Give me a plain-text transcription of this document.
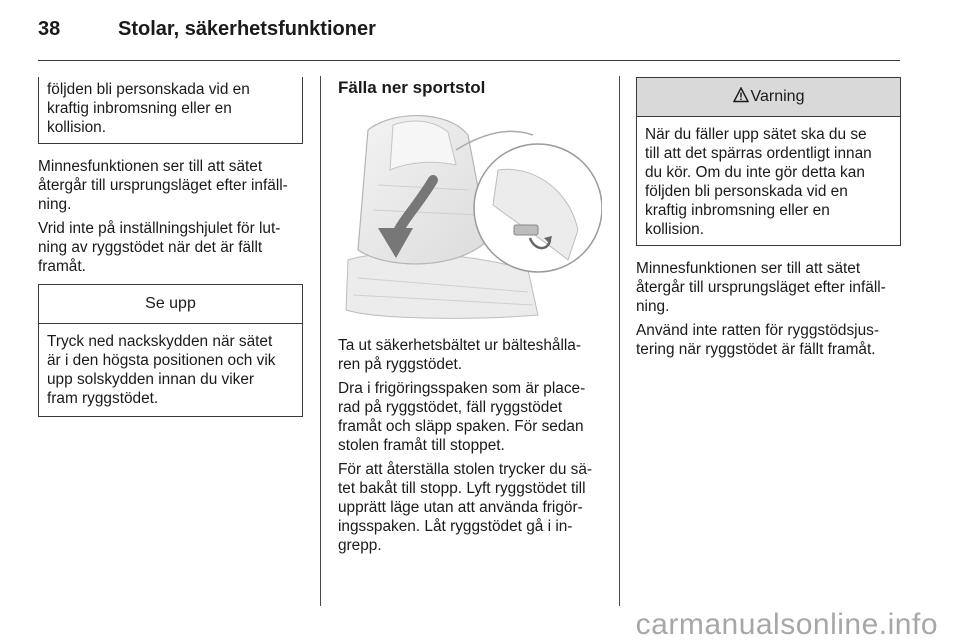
38	Stolar, säkerhetsfunktioner
följden bli personskada vid en
kraftig inbromsning eller en
kollision.

Minnesfunktionen ser till att sätet
återgår till ursprungsläget efter infäll-
ning.

Vrid inte på inställningshjulet för lut-
ning av ryggstödet när det är fällt
framåt.

Se upp
Tryck ned nackskydden när sätet
är i den högsta positionen och vik
upp solskydden innan du viker
fram ryggstödet.
Fälla ner sportstol

Ta ut säkerhetsbältet ur bälteshålla-
ren på ryggstödet.

Dra i frigöringsspaken som är place-
rad på ryggstödet, fäll ryggstödet
framåt och släpp spaken. För sedan
stolen framåt till stoppet.

För att återställa stolen trycker du sä-
tet bakåt till stopp. Lyft ryggstödet till
upprätt läge utan att använda frigör-
ingsspaken. Låt ryggstödet gå i in-
grepp.

Varning
När du fäller upp sätet ska du se
till att det spärras ordentligt innan
du kör. Om du inte gör detta kan
följden bli personskada vid en
kraftig inbromsning eller en
kollision.

Minnesfunktionen ser till att sätet
återgår till ursprungsläget efter infäll-
ning.

Använd inte ratten för ryggstödsjus-
tering när ryggstödet är fällt framåt.

carmanualsonline.info
